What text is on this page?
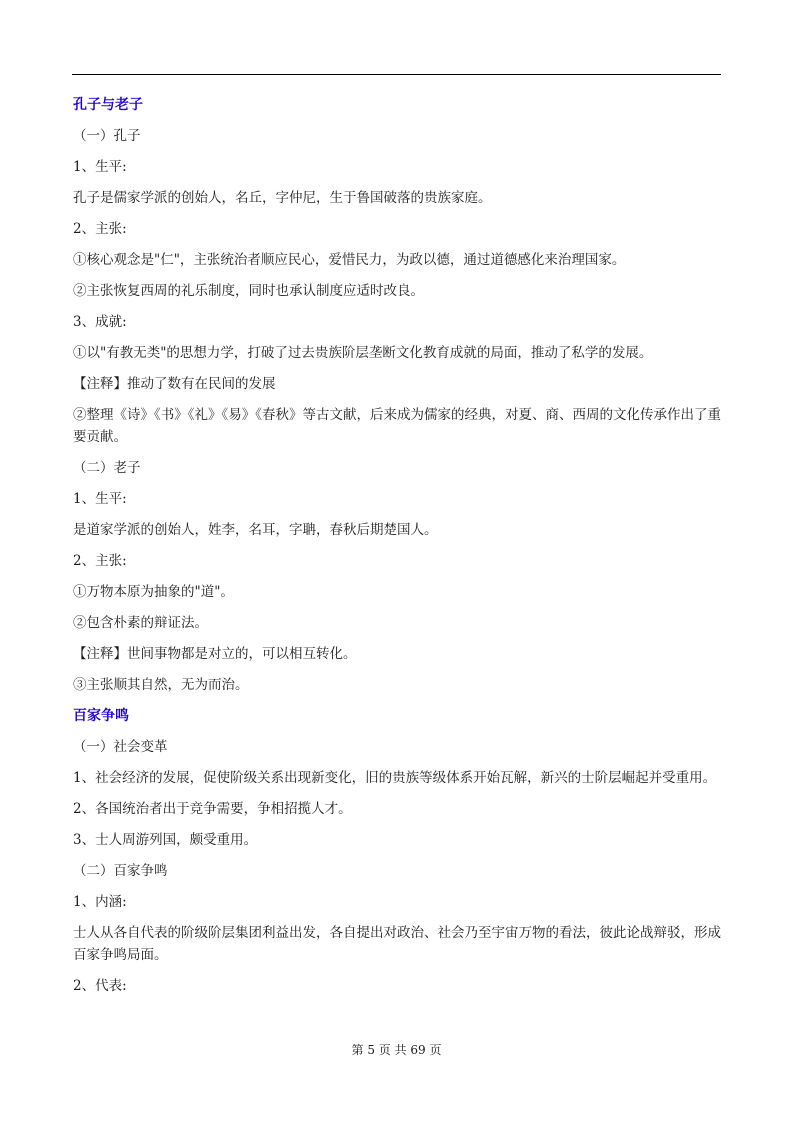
孔子与老子

（一）孔子

1、生平:

孔子是儒家学派的创始人，名丘，字仲尼，生于鲁国破落的贵族家庭。

2、主张:

①核心观念是"仁"，主张统治者顺应民心，爱惜民力，为政以德，通过道德感化来治理国家。

②主张恢复西周的礼乐制度，同时也承认制度应适时改良。

3、成就:

①以"有教无类"的思想力学，打破了过去贵族阶层垄断文化教育成就的局面，推动了私学的发展。

【注释】推动了数有在民间的发展

②整理《诗》《书》《礼》《易》《春秋》等古文献，后来成为儒家的经典，对夏、商、西周的文化传承作出了重要贡献。

（二）老子

1、生平:

是道家学派的创始人，姓李，名耳，字聃，春秋后期楚国人。

2、主张:

①万物本原为抽象的"道"。

②包含朴素的辩证法。

【注释】世间事物都是对立的，可以相互转化。

③主张顺其自然，无为而治。

百家争鸣

（一）社会变革

1、社会经济的发展，促使阶级关系出现新变化，旧的贵族等级体系开始瓦解，新兴的士阶层崛起并受重用。

2、各国统治者出于竞争需要，争相招揽人才。

3、士人周游列国，颇受重用。

（二）百家争鸣

1、内涵:

士人从各自代表的阶级阶层集团利益出发，各自提出对政治、社会乃至宇宙万物的看法，彼此论战辩驳，形成百家争鸣局面。

2、代表:

第 5 页 共 69 页
